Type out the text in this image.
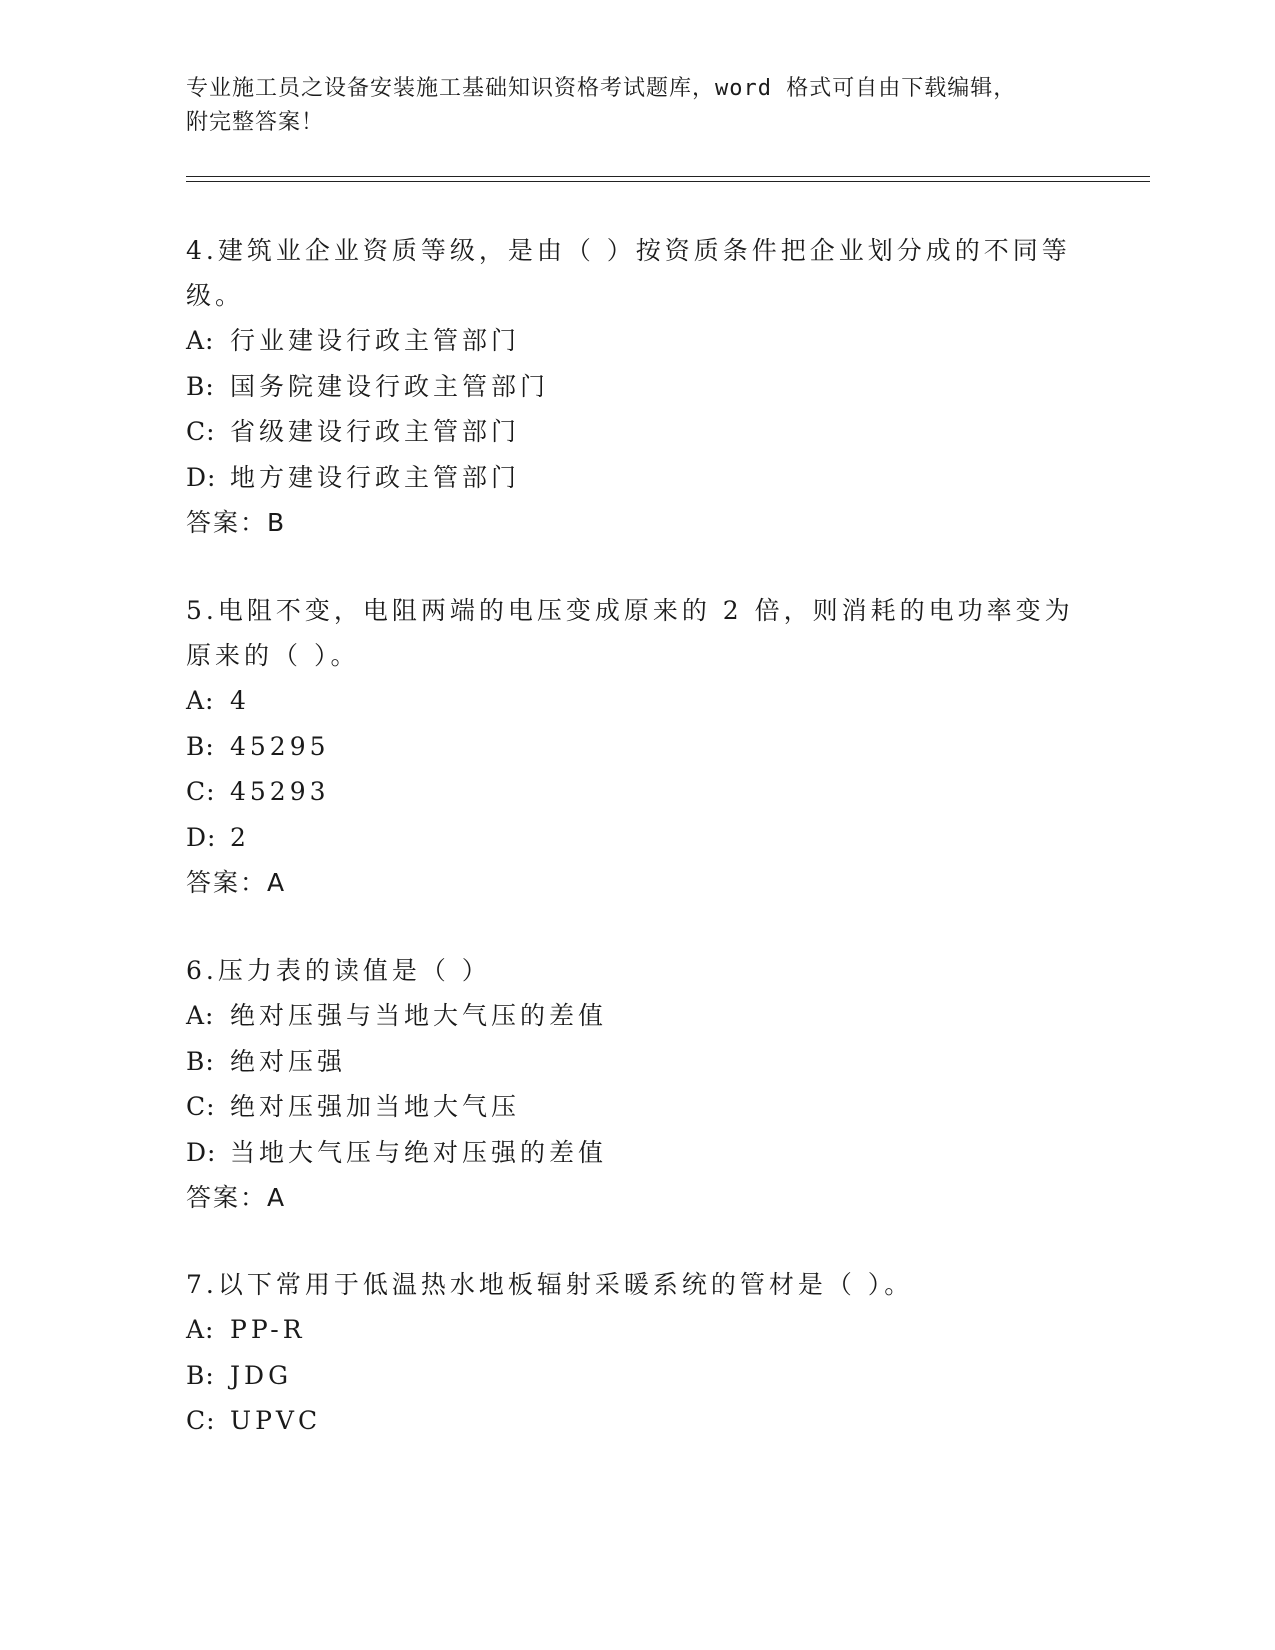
专业施工员之设备安装施工基础知识资格考试题库，word 格式可自由下载编辑，
附完整答案！
4.建筑业企业资质等级，是由（ ）按资质条件把企业划分成的不同等
级。
A: 行业建设行政主管部门
B: 国务院建设行政主管部门
C: 省级建设行政主管部门
D: 地方建设行政主管部门
答案：B
5.电阻不变，电阻两端的电压变成原来的 2 倍，则消耗的电功率变为
原来的（ ）。
A: 4
B: 45295
C: 45293
D: 2
答案：A
6.压力表的读值是（ ）
A: 绝对压强与当地大气压的差值
B: 绝对压强
C: 绝对压强加当地大气压
D: 当地大气压与绝对压强的差值
答案：A
7.以下常用于低温热水地板辐射采暖系统的管材是（ ）。
A: PP-R
B: JDG
C: UPVC
